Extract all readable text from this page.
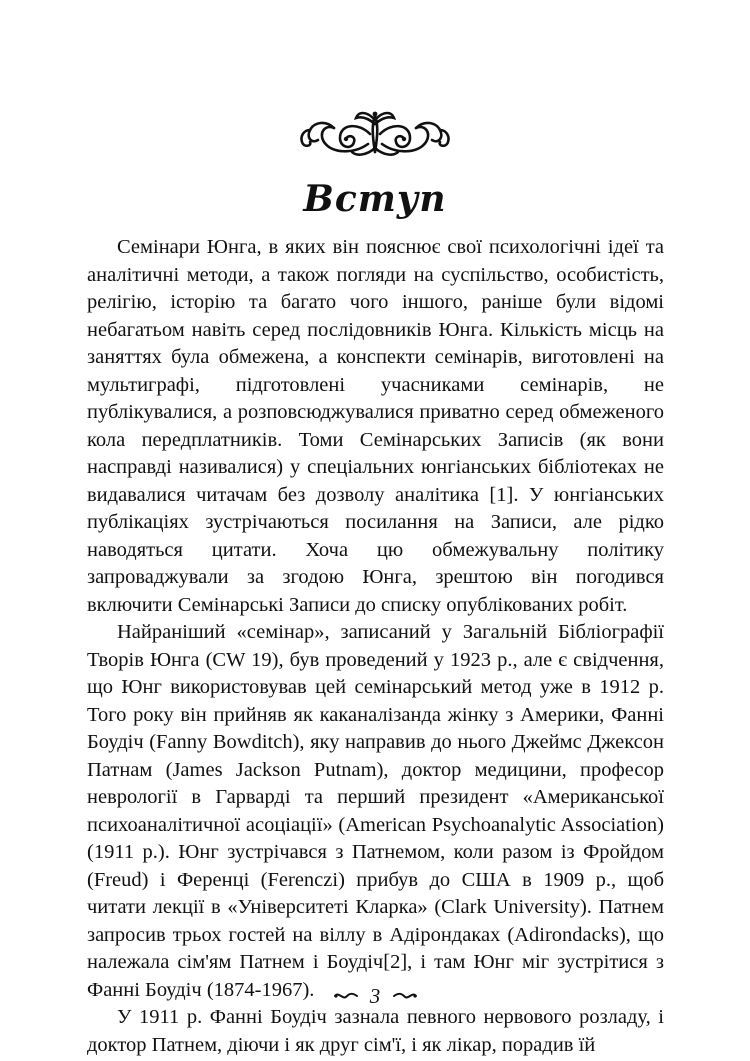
Вступ

Семінари Юнга, в яких він пояснює свої психологічні ідеї та аналітичні методи, а також погляди на суспільство, особистість, релігію, історію та багато чого іншого, раніше були відомі небагатьом навіть серед послідовників Юнга. Кількість місць на заняттях була обмежена, а конспекти семінарів, виготовлені на мультиграфі, підготовлені учасниками семінарів, не публікувалися, а розповсюджувалися приватно серед обмеженого кола передплатників. Томи Семінарських Записів (як вони насправді називалися) у спеціальних юнгіанських бібліотеках не видавалися читачам без дозволу аналітика [1]. У юнгіанських публікаціях зустрічаються посилання на Записи, але рідко наводяться цитати. Хоча цю обмежувальну політику запроваджували за згодою Юнга, зрештою він погодився включити Семінарські Записи до списку опублікованих робіт.

Найраніший «семінар», записаний у Загальній Бібліографії Творів Юнга (CW 19), був проведений у 1923 р., але є свідчення, що Юнг використовував цей семінарський метод уже в 1912 р. Того року він прийняв як каканалізанда жінку з Америки, Фанні Боудіч (Fanny Bowditch), яку направив до нього Джеймс Джексон Патнам (James Jackson Putnam), доктор медицини, професор неврології в Гарварді та перший президент «Американської психоаналітичної асоціації» (American Psychoanalytic Association) (1911 р.). Юнг зустрічався з Патнемом, коли разом із Фройдом (Freud) і Ференці (Ferenczi) прибув до США в 1909 р., щоб читати лекції в «Університеті Кларка» (Clark University). Патнем запросив трьох гостей на віллу в Адірондаках (Adirondacks), що належала сім'ям Патнем і Боудіч[2], і там Юнг міг зустрітися з Фанні Боудіч (1874-1967).

У 1911 р. Фанні Боудіч зазнала певного нервового розладу, і доктор Патнем, діючи і як друг сім'ї, і як лікар, порадив їй

3
